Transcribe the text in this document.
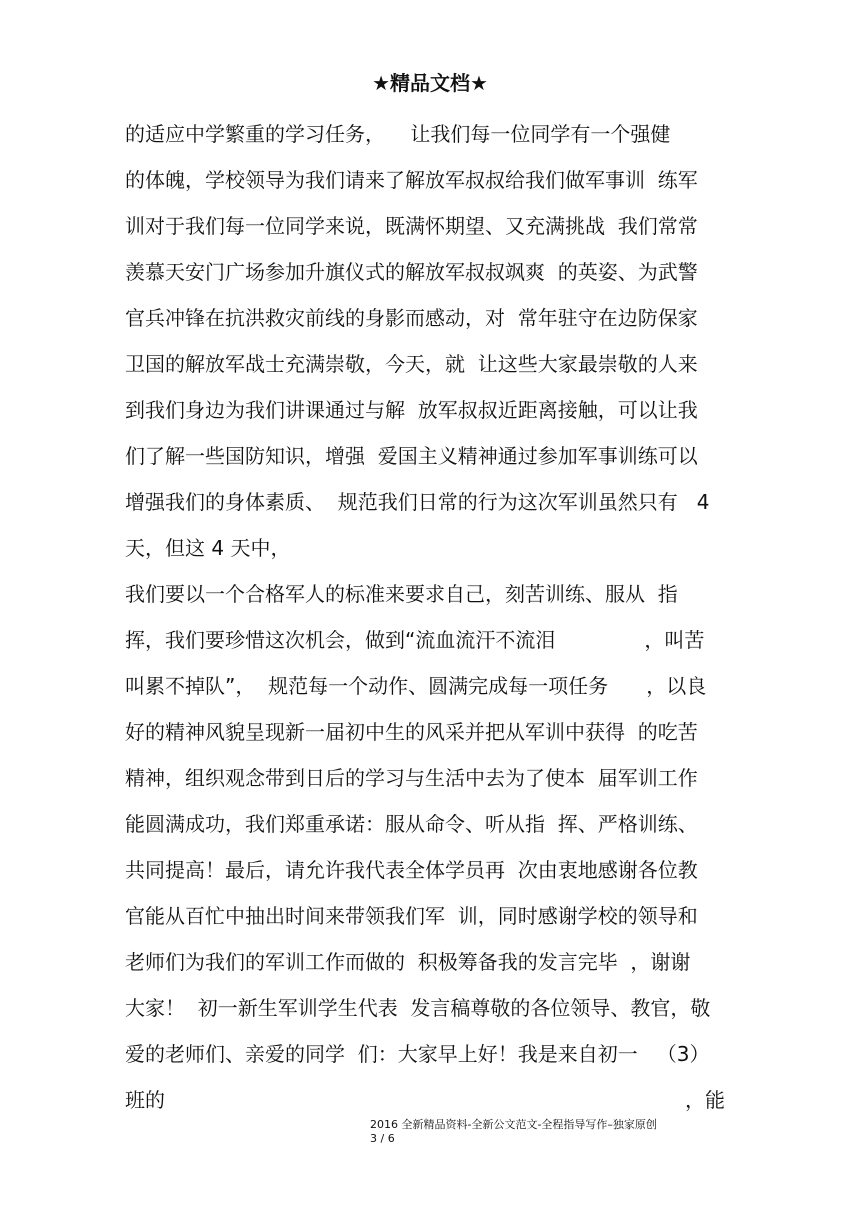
★精品文档★
的适应中学繁重的学习任务，    让我们每一位同学有一个强健
的体魄，学校领导为我们请来了解放军叔叔给我们做军事训  练军
训对于我们每一位同学来说，既满怀期望、又充满挑战  我们常常
羡慕天安门广场参加升旗仪式的解放军叔叔飒爽  的英姿、为武警
官兵冲锋在抗洪救灾前线的身影而感动，对  常年驻守在边防保家
卫国的解放军战士充满崇敬，今天，就  让这些大家最崇敬的人来
到我们身边为我们讲课通过与解  放军叔叔近距离接触，可以让我
们了解一些国防知识，增强  爱国主义精神通过参加军事训练可以
增强我们的身体素质、  规范我们日常的行为这次军训虽然只有   4
天，但这 4 天中，
我们要以一个合格军人的标准来要求自己，刻苦训练、服从  指
挥，我们要珍惜这次机会，做到“流血流汗不流泪              ，叫苦
叫累不掉队”，  规范每一个动作、圆满完成每一项任务      ，以良
好的精神风貌呈现新一届初中生的风采并把从军训中获得  的吃苦
精神，组织观念带到日后的学习与生活中去为了使本  届军训工作
能圆满成功，我们郑重承诺：服从命令、听从指  挥、严格训练、
共同提高！最后，请允许我代表全体学员再  次由衷地感谢各位教
官能从百忙中抽出时间来带领我们军  训，同时感谢学校的领导和
老师们为我们的军训工作而做的  积极筹备我的发言完毕  ，谢谢
大家！  初一新生军训学生代表  发言稿尊敬的各位领导、教官，敬
爱的老师们、亲爱的同学  们：大家早上好！我是来自初一   （3）
班的	，能
2016 全新精品资料-全新公文范文-全程指导写作–独家原创
3 / 6
